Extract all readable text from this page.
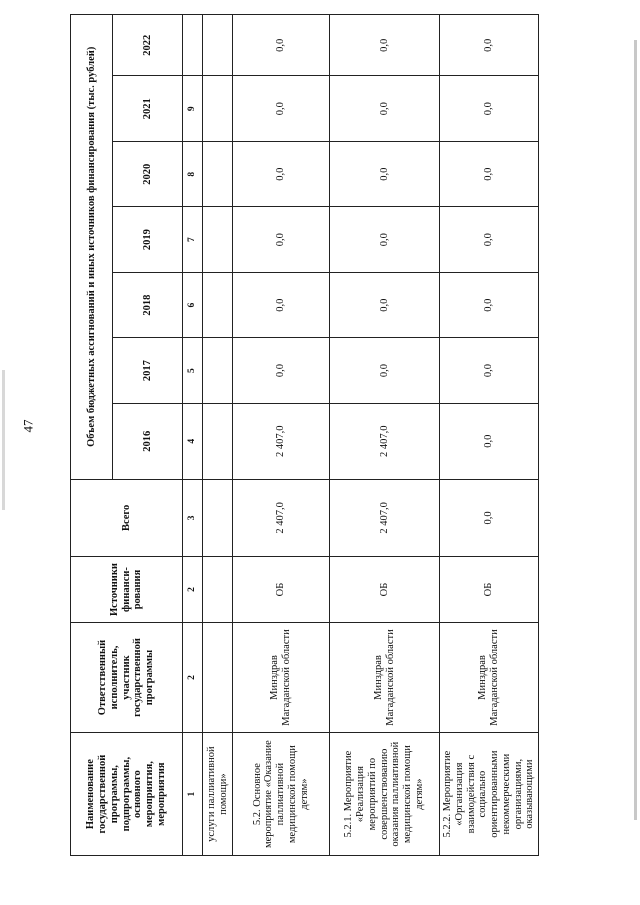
47
Наименование государственной программы, подпрограммы, основного мероприятия, мероприятия	Ответственный исполнитель, участник государственной программы	Источники финанси-рования	Всего	Объем бюджетных ассигнований и иных источников финансирования (тыс. рублей)						
				2016	2017	2018	2019	2020	2021	2022
1	2	2	3	4	5	6	7	8	9	
услуги паллиативной помощи»										
5.2. Основное мероприятие «Оказание паллиативной медицинской помощи детям»	Минздрав Магаданской области	ОБ	2 407,0	2 407,0	0,0	0,0	0,0	0,0	0,0	0,0
5.2.1. Мероприятие «Реализация мероприятий по совершенствованию оказания паллиативной медицинской помощи детям»	Минздрав Магаданской области	ОБ	2 407,0	2 407,0	0,0	0,0	0,0	0,0	0,0	0,0
5.2.2. Мероприятие «Организация взаимодействия с социально ориентированными некоммерческими организациями, оказывающими	Минздрав Магаданской области	ОБ	0,0	0,0	0,0	0,0	0,0	0,0	0,0	0,0
